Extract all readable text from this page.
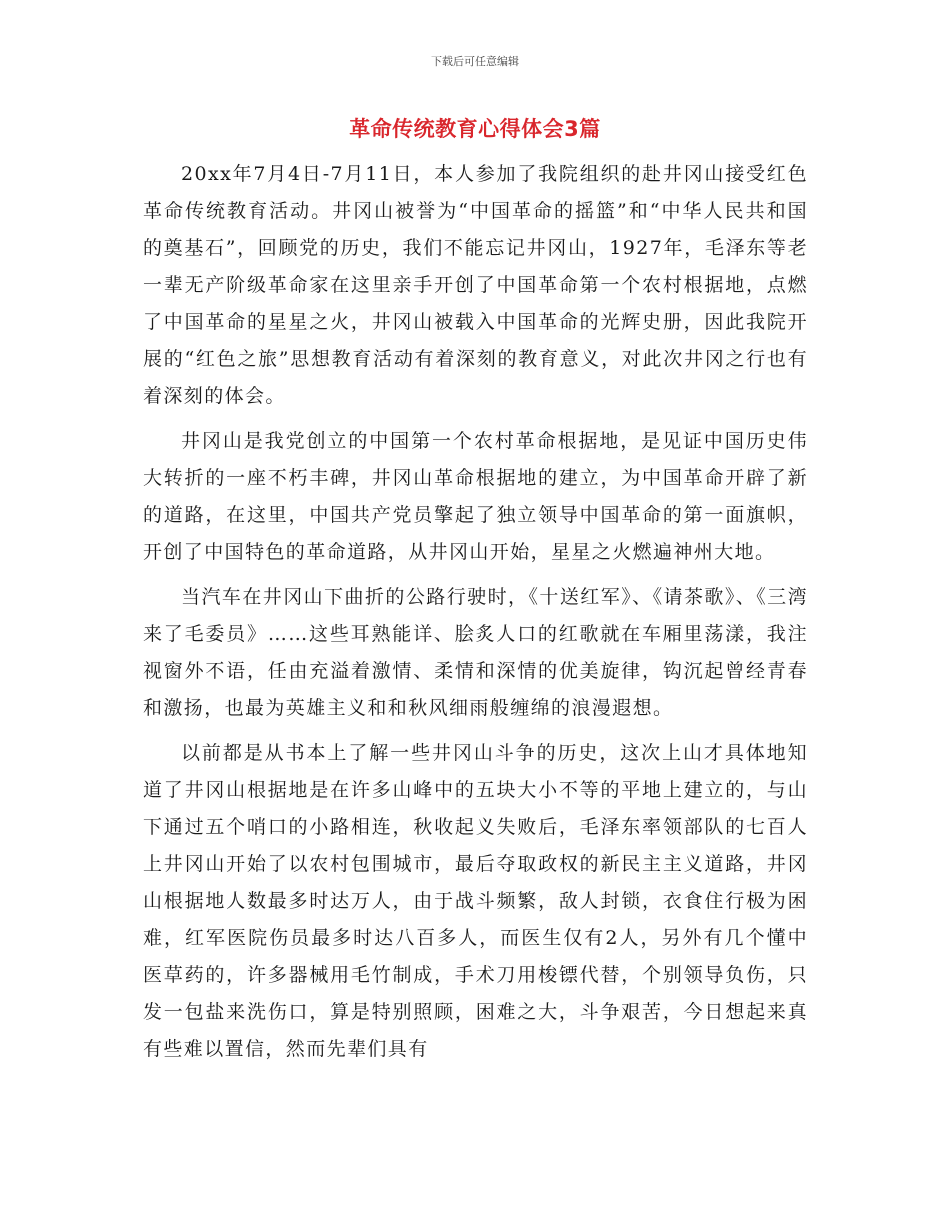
下载后可任意编辑
革命传统教育心得体会3篇

20xx年7月4日-7月11日，本人参加了我院组织的赴井冈山接受红色革命传统教育活动。井冈山被誉为“中国革命的摇篮”和“中华人民共和国的奠基石”，回顾党的历史，我们不能忘记井冈山，1927年，毛泽东等老一辈无产阶级革命家在这里亲手开创了中国革命第一个农村根据地，点燃了中国革命的星星之火，井冈山被载入中国革命的光辉史册，因此我院开展的“红色之旅”思想教育活动有着深刻的教育意义，对此次井冈之行也有着深刻的体会。

井冈山是我党创立的中国第一个农村革命根据地，是见证中国历史伟大转折的一座不朽丰碑，井冈山革命根据地的建立，为中国革命开辟了新的道路，在这里，中国共产党员擎起了独立领导中国革命的第一面旗帜，开创了中国特色的革命道路，从井冈山开始，星星之火燃遍神州大地。

当汽车在井冈山下曲折的公路行驶时，《十送红军》、《请茶歌》、《三湾来了毛委员》……这些耳熟能详、脍炙人口的红歌就在车厢里荡漾，我注视窗外不语，任由充溢着激情、柔情和深情的优美旋律，钩沉起曾经青春和激扬，也最为英雄主义和和秋风细雨般缠绵的浪漫遐想。

以前都是从书本上了解一些井冈山斗争的历史，这次上山才具体地知道了井冈山根据地是在许多山峰中的五块大小不等的平地上建立的，与山下通过五个哨口的小路相连，秋收起义失败后，毛泽东率领部队的七百人上井冈山开始了以农村包围城市，最后夺取政权的新民主主义道路，井冈山根据地人数最多时达万人，由于战斗频繁，敌人封锁，衣食住行极为困难，红军医院伤员最多时达八百多人，而医生仅有2人，另外有几个懂中医草药的，许多器械用毛竹制成，手术刀用梭镖代替，个别领导负伤，只发一包盐来洗伤口，算是特别照顾，困难之大，斗争艰苦，今日想起来真有些难以置信，然而先辈们具有
